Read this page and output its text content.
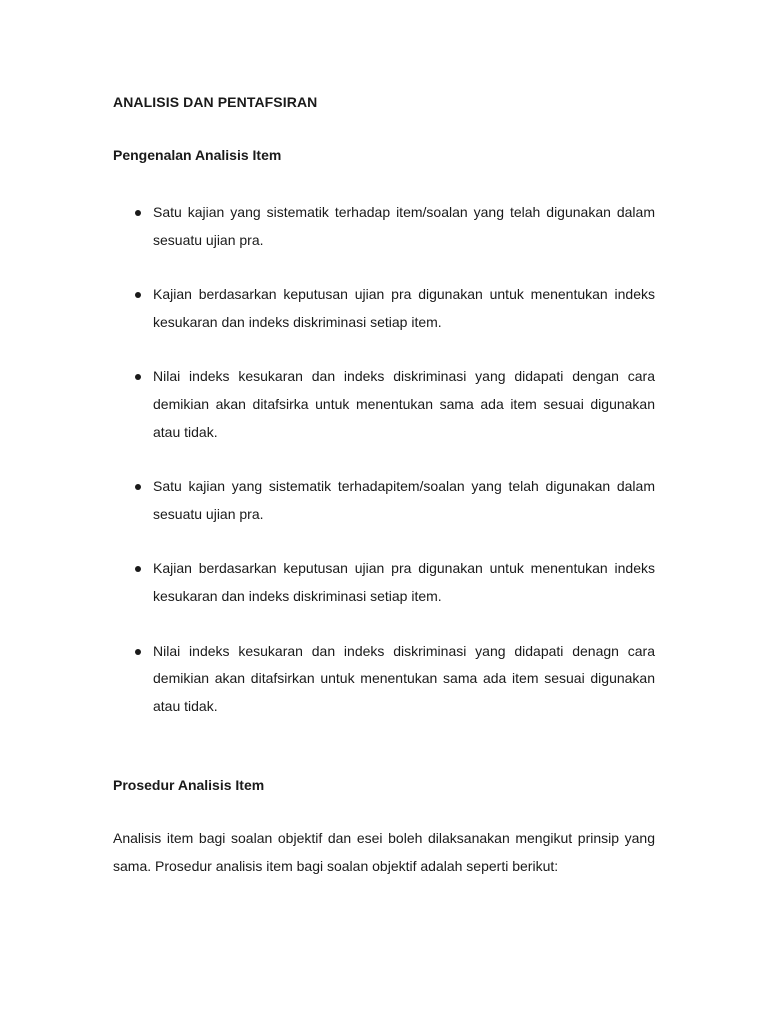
ANALISIS DAN PENTAFSIRAN
Pengenalan Analisis Item
Satu kajian yang sistematik terhadap item/soalan yang telah digunakan dalam sesuatu ujian pra.
Kajian berdasarkan keputusan ujian pra digunakan untuk menentukan indeks kesukaran dan indeks diskriminasi setiap item.
Nilai indeks kesukaran dan indeks diskriminasi yang didapati dengan cara demikian akan ditafsirka untuk menentukan sama ada item sesuai digunakan atau tidak.
Satu kajian yang sistematik terhadapitem/soalan yang telah digunakan dalam sesuatu ujian pra.
Kajian berdasarkan keputusan ujian pra digunakan untuk menentukan indeks kesukaran dan indeks diskriminasi setiap item.
Nilai indeks kesukaran dan indeks diskriminasi yang didapati denagn cara demikian akan ditafsirkan untuk menentukan sama ada item sesuai digunakan atau tidak.
Prosedur Analisis Item

Analisis item bagi soalan objektif dan esei boleh dilaksanakan mengikut prinsip yang sama. Prosedur analisis item bagi soalan objektif adalah seperti berikut:
